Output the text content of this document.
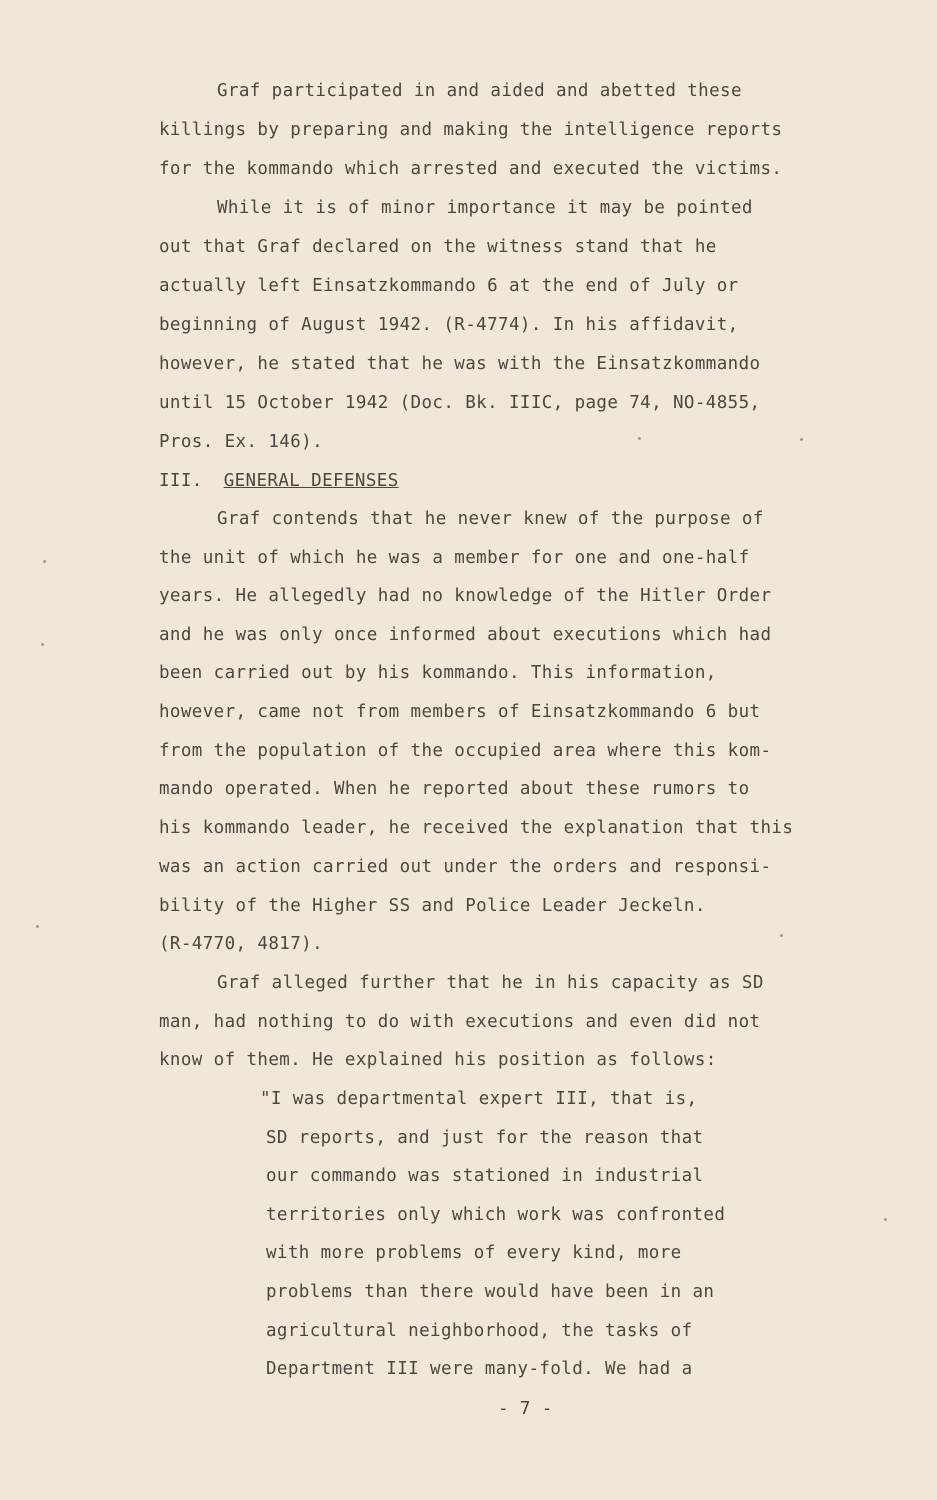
Graf participated in and aided and abetted these
killings by preparing and making the intelligence reports
for the kommando which arrested and executed the victims.
While it is of minor importance it may be pointed
out that Graf declared on the witness stand that he
actually left Einsatzkommando 6 at the end of July or
beginning of August 1942. (R-4774). In his affidavit,
however, he stated that he was with the Einsatzkommando
until 15 October 1942 (Doc. Bk. IIIC, page 74, NO-4855,
Pros. Ex. 146).
III. GENERAL DEFENSES
Graf contends that he never knew of the purpose of
the unit of which he was a member for one and one-half
years. He allegedly had no knowledge of the Hitler Order
and he was only once informed about executions which had
been carried out by his kommando. This information,
however, came not from members of Einsatzkommando 6 but
from the population of the occupied area where this kom-
mando operated. When he reported about these rumors to
his kommando leader, he received the explanation that this
was an action carried out under the orders and responsi-
bility of the Higher SS and Police Leader Jeckeln.
(R-4770, 4817).
Graf alleged further that he in his capacity as SD
man, had nothing to do with executions and even did not
know of them. He explained his position as follows:
"I was departmental expert III, that is,
SD reports, and just for the reason that
our commando was stationed in industrial
territories only which work was confronted
with more problems of every kind, more
problems than there would have been in an
agricultural neighborhood, the tasks of
Department III were many-fold. We had a
- 7 -
